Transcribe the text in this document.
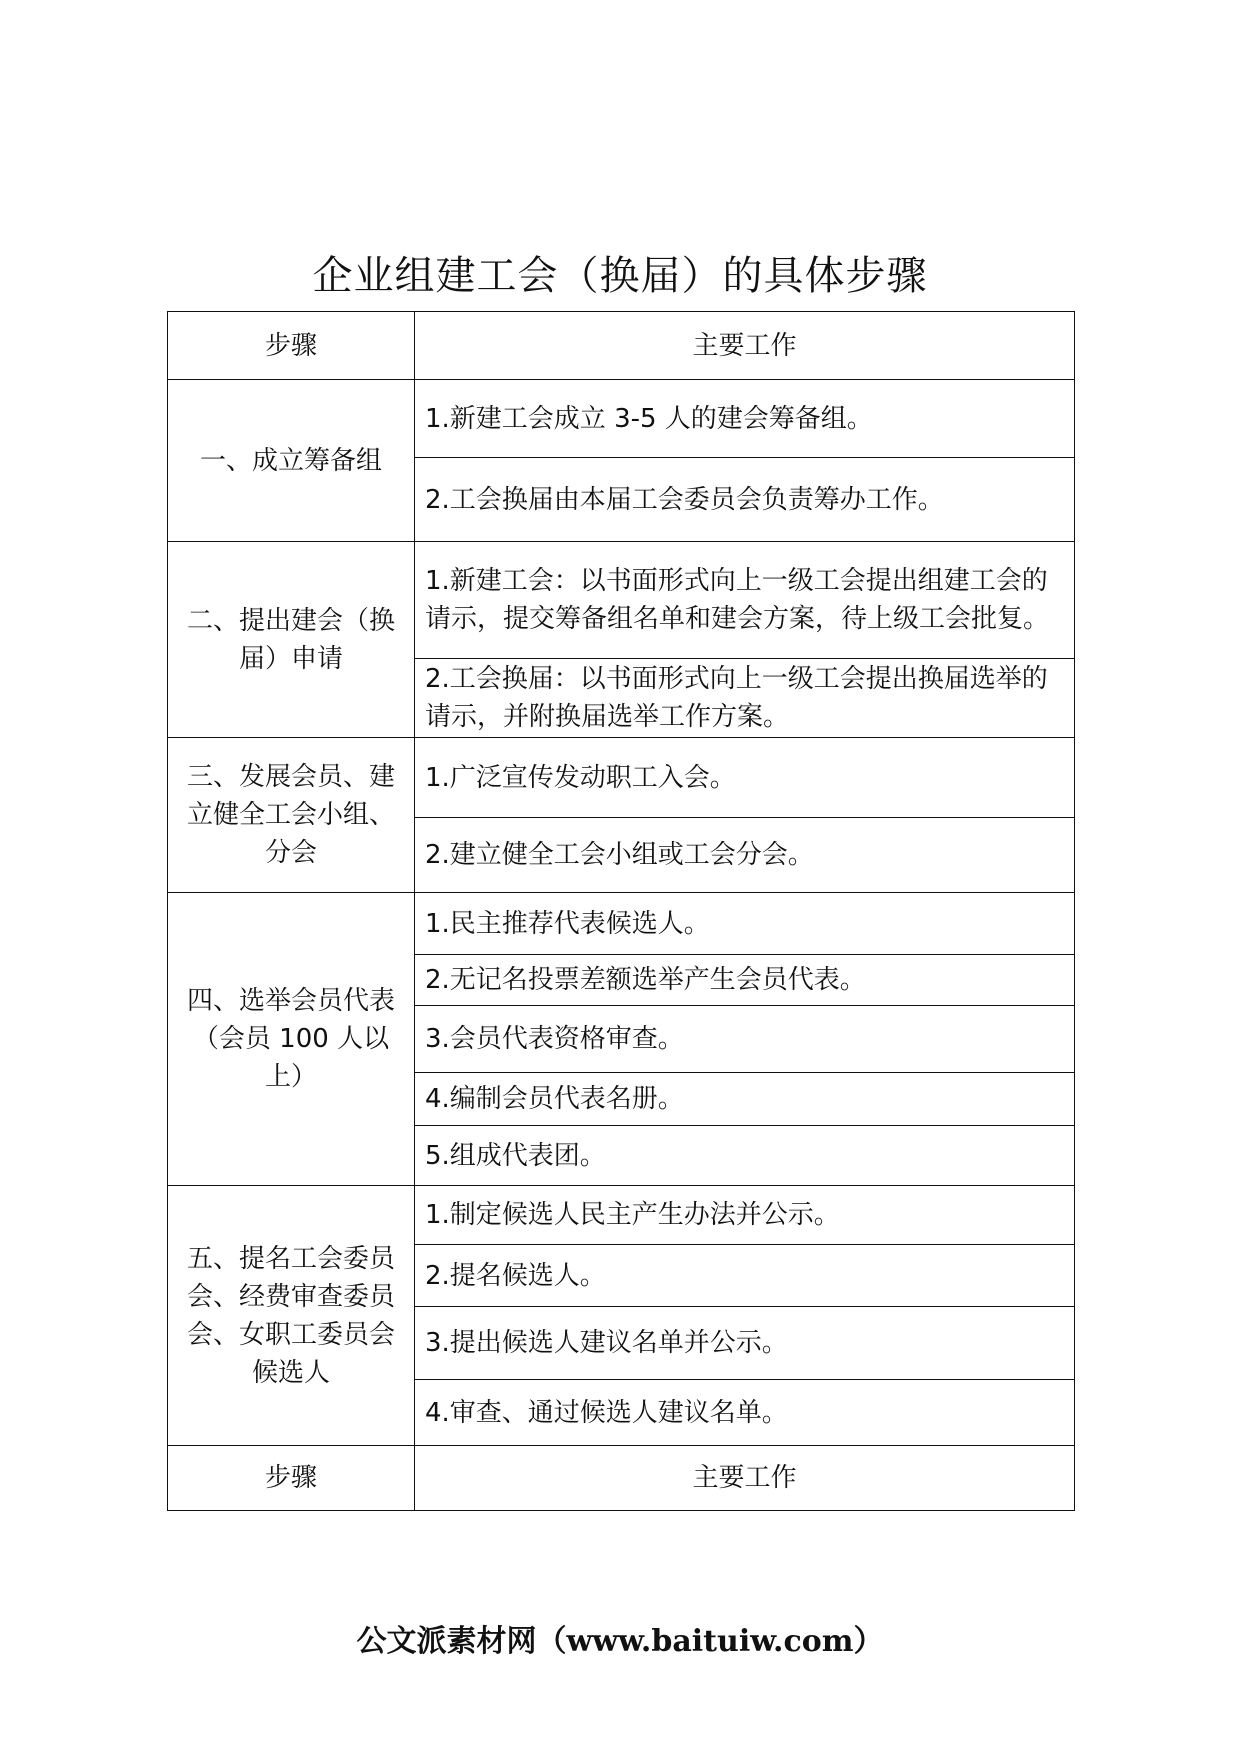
企业组建工会（换届）的具体步骤
步骤	主要工作
一、成立筹备组	1.新建工会成立 3-5 人的建会筹备组。
	2.工会换届由本届工会委员会负责筹办工作。
二、提出建会（换届）申请	1.新建工会：以书面形式向上一级工会提出组建工会的请示，提交筹备组名单和建会方案，待上级工会批复。
	2.工会换届：以书面形式向上一级工会提出换届选举的请示，并附换届选举工作方案。
三、发展会员、建立健全工会小组、分会	1.广泛宣传发动职工入会。
	2.建立健全工会小组或工会分会。
四、选举会员代表（会员 100 人以上）	1.民主推荐代表候选人。
	2.无记名投票差额选举产生会员代表。
	3.会员代表资格审查。
	4.编制会员代表名册。
	5.组成代表团。
五、提名工会委员会、经费审查委员会、女职工委员会候选人	1.制定候选人民主产生办法并公示。
	2.提名候选人。
	3.提出候选人建议名单并公示。
	4.审查、通过候选人建议名单。
步骤	主要工作
公文派素材网（www.baituiw.com）
